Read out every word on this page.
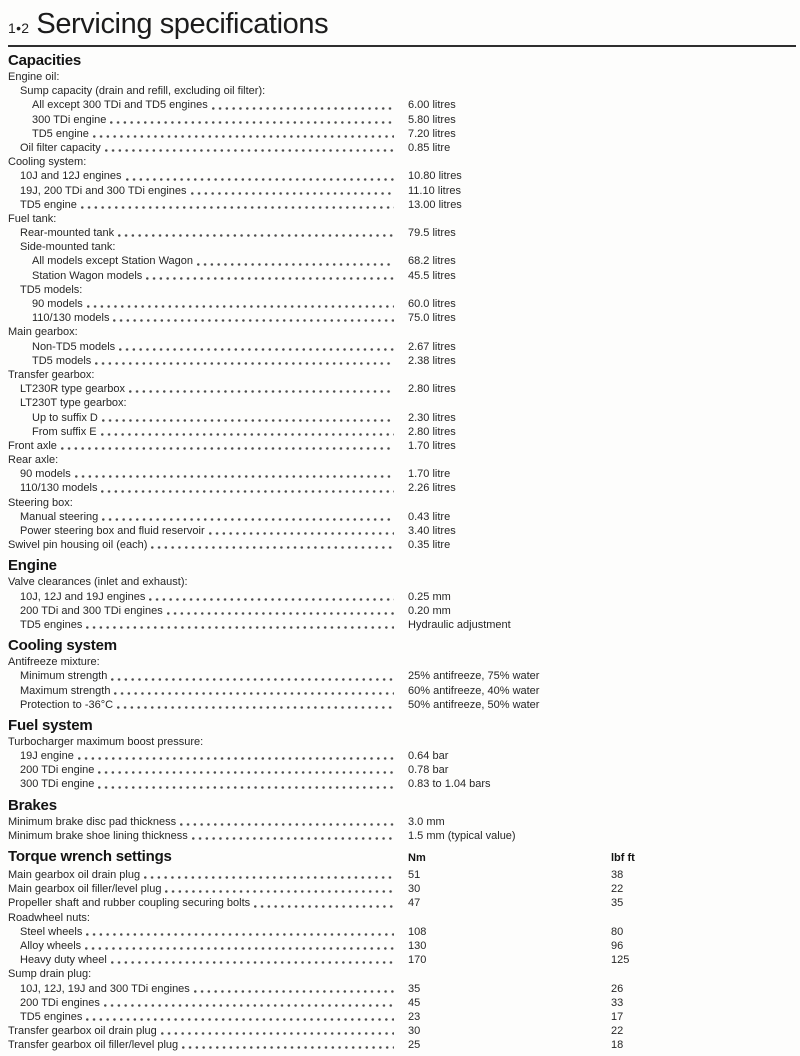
1•2 Servicing specifications
Capacities
Engine oil:
Sump capacity (drain and refill, excluding oil filter):
All except 300 TDi and TD5 engines	6.00 litres
300 TDi engine	5.80 litres
TD5 engine	7.20 litres
Oil filter capacity	0.85 litre
Cooling system:
10J and 12J engines	10.80 litres
19J, 200 TDi and 300 TDi engines	11.10 litres
TD5 engine	13.00 litres
Fuel tank:
Rear-mounted tank	79.5 litres
Side-mounted tank:
All models except Station Wagon	68.2 litres
Station Wagon models	45.5 litres
TD5 models:
90 models	60.0 litres
110/130 models	75.0 litres
Main gearbox:
Non-TD5 models	2.67 litres
TD5 models	2.38 litres
Transfer gearbox:
LT230R type gearbox	2.80 litres
LT230T type gearbox:
Up to suffix D	2.30 litres
From suffix E	2.80 litres
Front axle	1.70 litres
Rear axle:
90 models	1.70 litre
110/130 models	2.26 litres
Steering box:
Manual steering	0.43 litre
Power steering box and fluid reservoir	3.40 litres
Swivel pin housing oil (each)	0.35 litre
Engine
Valve clearances (inlet and exhaust):
10J, 12J and 19J engines	0.25 mm
200 TDi and 300 TDi engines	0.20 mm
TD5 engines	Hydraulic adjustment
Cooling system
Antifreeze mixture:
Minimum strength	25% antifreeze, 75% water
Maximum strength	60% antifreeze, 40% water
Protection to -36°C	50% antifreeze, 50% water
Fuel system
Turbocharger maximum boost pressure:
19J engine	0.64 bar
200 TDi engine	0.78 bar
300 TDi engine	0.83 to 1.04 bars
Brakes
Minimum brake disc pad thickness	3.0 mm
Minimum brake shoe lining thickness	1.5 mm (typical value)
Torque wrench settings	Nm	lbf ft
Main gearbox oil drain plug	51	38
Main gearbox oil filler/level plug	30	22
Propeller shaft and rubber coupling securing bolts	47	35
Roadwheel nuts:
Steel wheels	108	80
Alloy wheels	130	96
Heavy duty wheel	170	125
Sump drain plug:
10J, 12J, 19J and 300 TDi engines	35	26
200 TDi engines	45	33
TD5 engines	23	17
Transfer gearbox oil drain plug	30	22
Transfer gearbox oil filler/level plug	25	18
